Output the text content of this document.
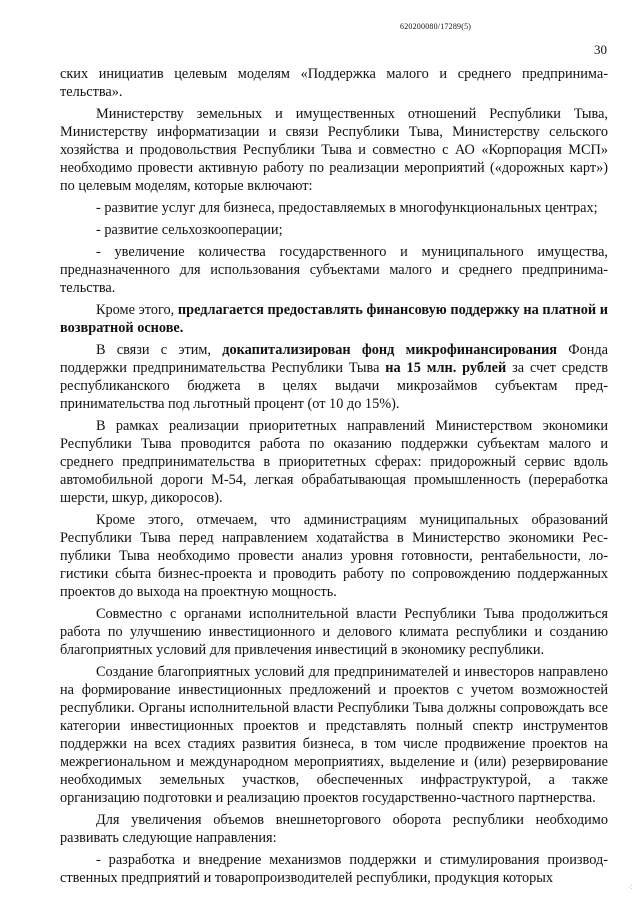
620200080/17289(5)
30

ских инициатив целевым моделям «Поддержка малого и среднего предпринимательства».

Министерству земельных и имущественных отношений Республики Тыва, Министерству информатизации и связи Республики Тыва, Министерству сельского хозяйства и продовольствия Республики Тыва и совместно с АО «Корпорация МСП» необходимо провести активную работу по реализации мероприятий («дорожных карт») по целевым моделям, которые включают:

- развитие услуг для бизнеса, предоставляемых в многофункциональных центрах;

- развитие сельхозкооперации;

- увеличение количества государственного и муниципального имущества, предназначенного для использования субъектами малого и среднего предпринимательства.

Кроме этого, предлагается предоставлять финансовую поддержку на платной и возвратной основе.

В связи с этим, докапитализирован фонд микрофинансирования Фонда поддержки предпринимательства Республики Тыва на 15 млн. рублей за счет средств республиканского бюджета в целях выдачи микрозаймов субъектам предпринимательства под льготный процент (от 10 до 15%).

В рамках реализации приоритетных направлений Министерством экономики Республики Тыва проводится работа по оказанию поддержки субъектам малого и среднего предпринимательства в приоритетных сферах: придорожный сервис вдоль автомобильной дороги М-54, легкая обрабатывающая промышленность (переработка шерсти, шкур, дикоросов).

Кроме этого, отмечаем, что администрациям муниципальных образований Республики Тыва перед направлением ходатайства в Министерство экономики Республики Тыва необходимо провести анализ уровня готовности, рентабельности, логистики сбыта бизнес-проекта и проводить работу по сопровождению поддержанных проектов до выхода на проектную мощность.

Совместно с органами исполнительной власти Республики Тыва продолжиться работа по улучшению инвестиционного и делового климата республики и созданию благоприятных условий для привлечения инвестиций в экономику республики.

Создание благоприятных условий для предпринимателей и инвесторов направлено на формирование инвестиционных предложений и проектов с учетом возможностей республики. Органы исполнительной власти Республики Тыва должны сопровождать все категории инвестиционных проектов и представлять полный спектр инструментов поддержки на всех стадиях развития бизнеса, в том числе продвижение проектов на межрегиональном и международном мероприятиях, выделение и (или) резервирование необходимых земельных участков, обеспеченных инфраструктурой, а также организацию подготовки и реализацию проектов государственно-частного партнерства.

Для увеличения объемов внешнеторгового оборота республики необходимо развивать следующие направления:

- разработка и внедрение механизмов поддержки и стимулирования производственных предприятий и товаропроизводителей республики, продукция которых

·:
